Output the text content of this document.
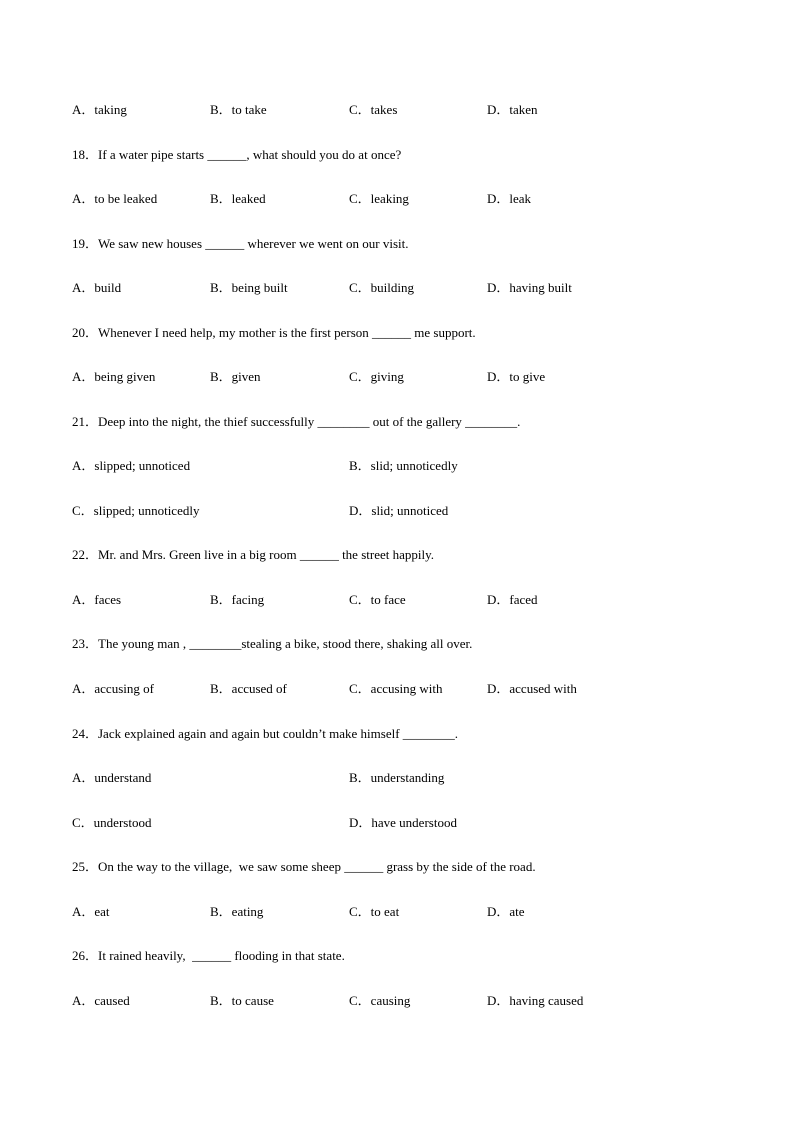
A．taking	B．to take	C．takes	D．taken
18．If a water pipe starts ______, what should you do at once?
A．to be leaked	B．leaked	C．leaking	D．leak
19．We saw new houses ______ wherever we went on our visit.
A．build	B．being built	C．building	D．having built
20．Whenever I need help, my mother is the first person ______ me support.
A．being given	B．given	C．giving	D．to give
21．Deep into the night, the thief successfully ________ out of the gallery ________.
A．slipped; unnoticed	B．slid; unnoticedly
C．slipped; unnoticedly	D．slid; unnoticed
22．Mr. and Mrs. Green live in a big room ______ the street happily.
A．faces	B．facing	C．to face	D．faced
23．The young man , ________stealing a bike, stood there, shaking all over.
A．accusing of	B．accused of	C．accusing with	D．accused with
24．Jack explained again and again but couldn’t make himself ________.
A．understand	B．understanding
C．understood	D．have understood
25．On the way to the village,  we saw some sheep ______ grass by the side of the road.
A．eat	B．eating	C．to eat	D．ate
26．It rained heavily,  ______ flooding in that state.
A．caused	B．to cause	C．causing	D．having caused
